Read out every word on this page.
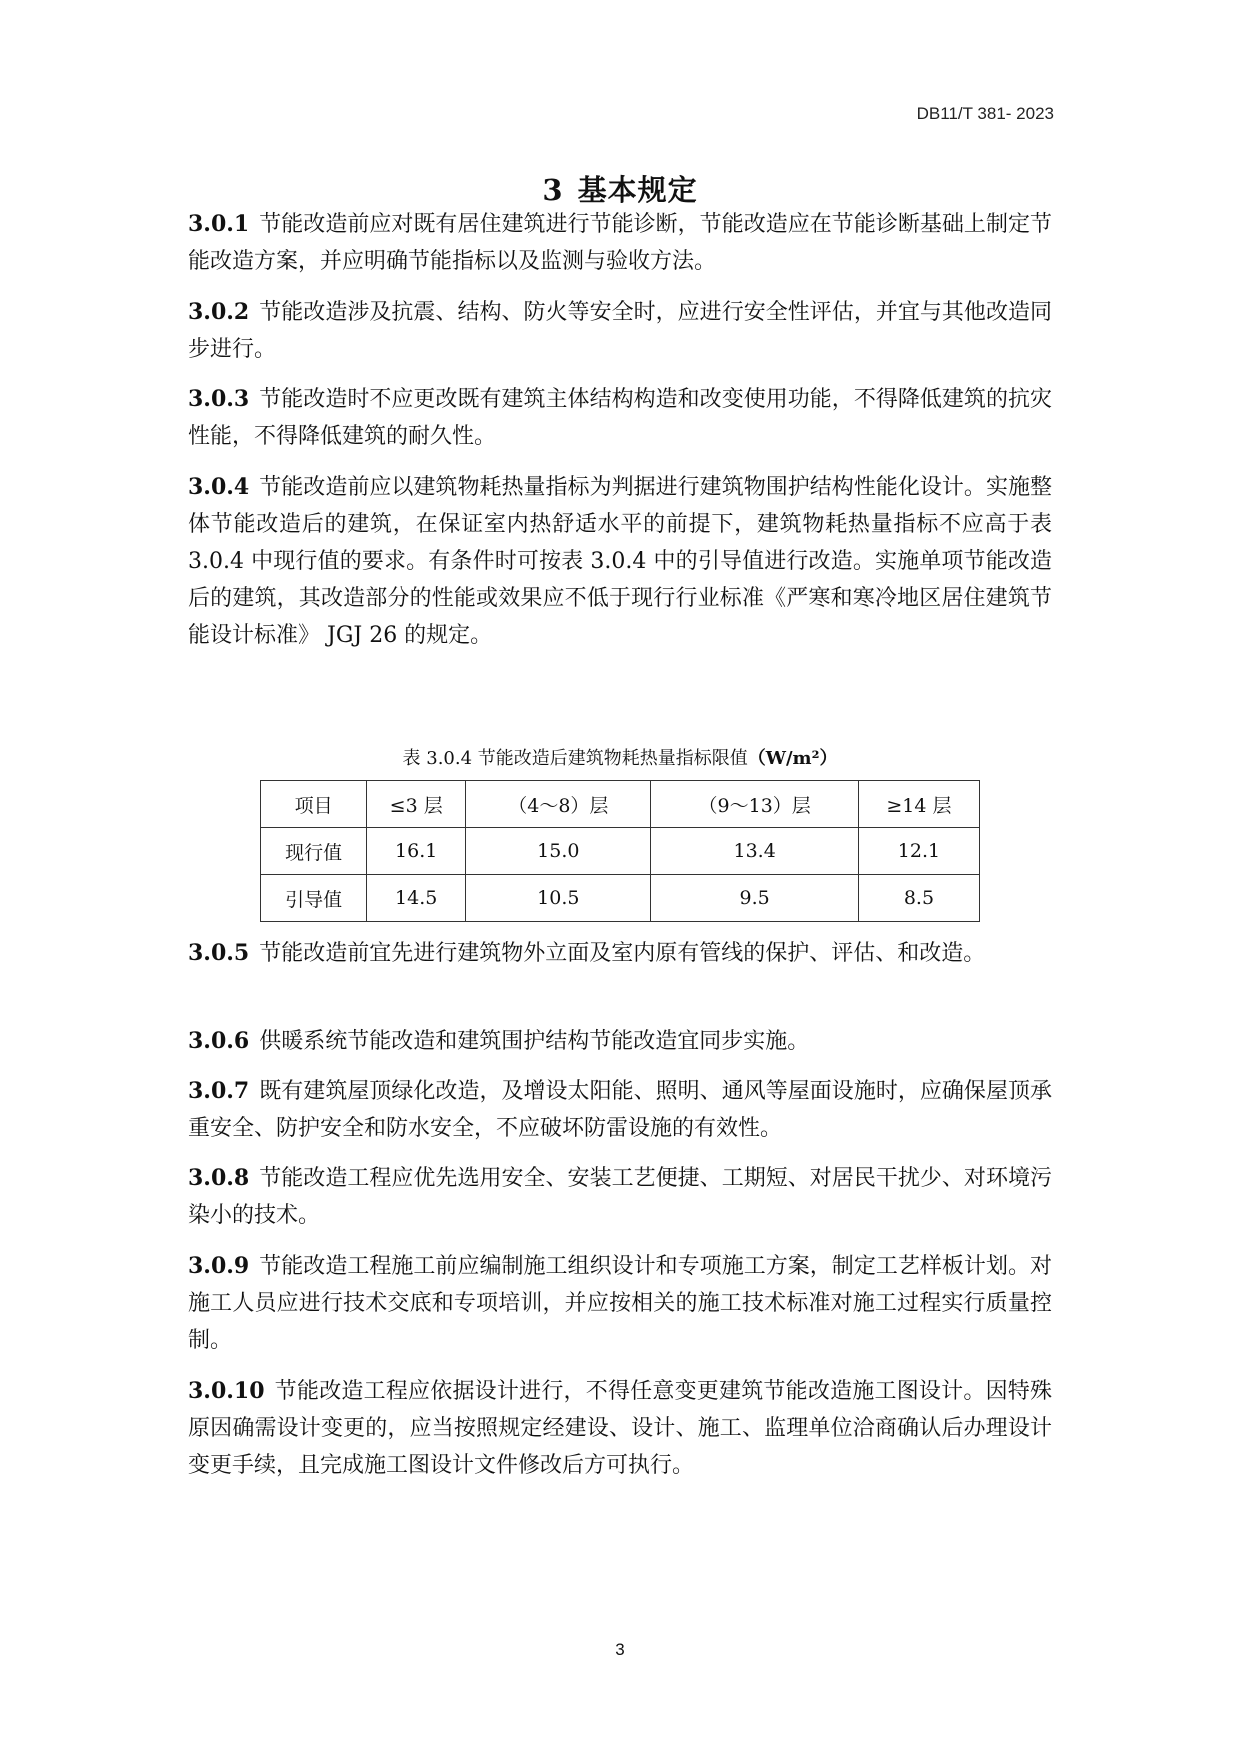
DB11/T 381- 2023
3 基本规定
3.0.1 节能改造前应对既有居住建筑进行节能诊断，节能改造应在节能诊断基础上制定节能改造方案，并应明确节能指标以及监测与验收方法。
3.0.2 节能改造涉及抗震、结构、防火等安全时，应进行安全性评估，并宜与其他改造同步进行。
3.0.3 节能改造时不应更改既有建筑主体结构构造和改变使用功能，不得降低建筑的抗灾性能，不得降低建筑的耐久性。
3.0.4 节能改造前应以建筑物耗热量指标为判据进行建筑物围护结构性能化设计。实施整体节能改造后的建筑，在保证室内热舒适水平的前提下，建筑物耗热量指标不应高于表 3.0.4 中现行值的要求。有条件时可按表 3.0.4 中的引导值进行改造。实施单项节能改造后的建筑，其改造部分的性能或效果应不低于现行行业标准《严寒和寒冷地区居住建筑节能设计标准》 JGJ 26 的规定。
表 3.0.4 节能改造后建筑物耗热量指标限值（W/m²）
项目	≤3 层	（4～8）层	（9～13）层	≥14 层
现行值	16.1	15.0	13.4	12.1
引导值	14.5	10.5	9.5	8.5
3.0.5 节能改造前宜先进行建筑物外立面及室内原有管线的保护、评估、和改造。
3.0.6 供暖系统节能改造和建筑围护结构节能改造宜同步实施。
3.0.7 既有建筑屋顶绿化改造，及增设太阳能、照明、通风等屋面设施时，应确保屋顶承重安全、防护安全和防水安全，不应破坏防雷设施的有效性。
3.0.8 节能改造工程应优先选用安全、安装工艺便捷、工期短、对居民干扰少、对环境污染小的技术。
3.0.9 节能改造工程施工前应编制施工组织设计和专项施工方案，制定工艺样板计划。对施工人员应进行技术交底和专项培训，并应按相关的施工技术标准对施工过程实行质量控制。
3.0.10 节能改造工程应依据设计进行，不得任意变更建筑节能改造施工图设计。因特殊原因确需设计变更的，应当按照规定经建设、设计、施工、监理单位洽商确认后办理设计变更手续，且完成施工图设计文件修改后方可执行。
3
